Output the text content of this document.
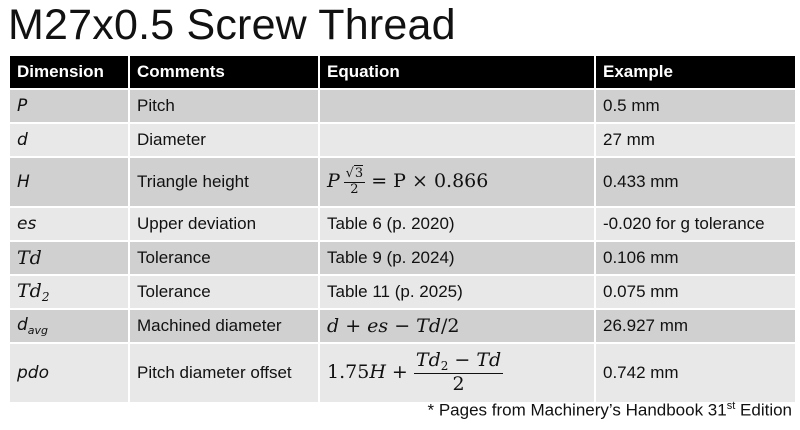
M27x0.5 Screw Thread
Dimension	Comments	Equation	Example
P	Pitch		0.5 mm
d	Diameter		27 mm
H	Triangle height	P  $\frac{√3}{2} = P \times 0.866$	0.433 mm
es	Upper deviation	Table 6 (p. 2020)	-0.020 for g tolerance
Td	Tolerance	Table 9 (p. 2024)	0.106 mm
$Td_2$	Tolerance	Table 11 (p. 2025)	0.075 mm
$d_{avg}$	Machined diameter	d + es − Td/2	26.927 mm
pdo	Pitch diameter offset	$1.75H + \frac{Td_2 - Td}{2}$	0.742 mm
* Pages from Machinery’s Handbook 31st Edition
